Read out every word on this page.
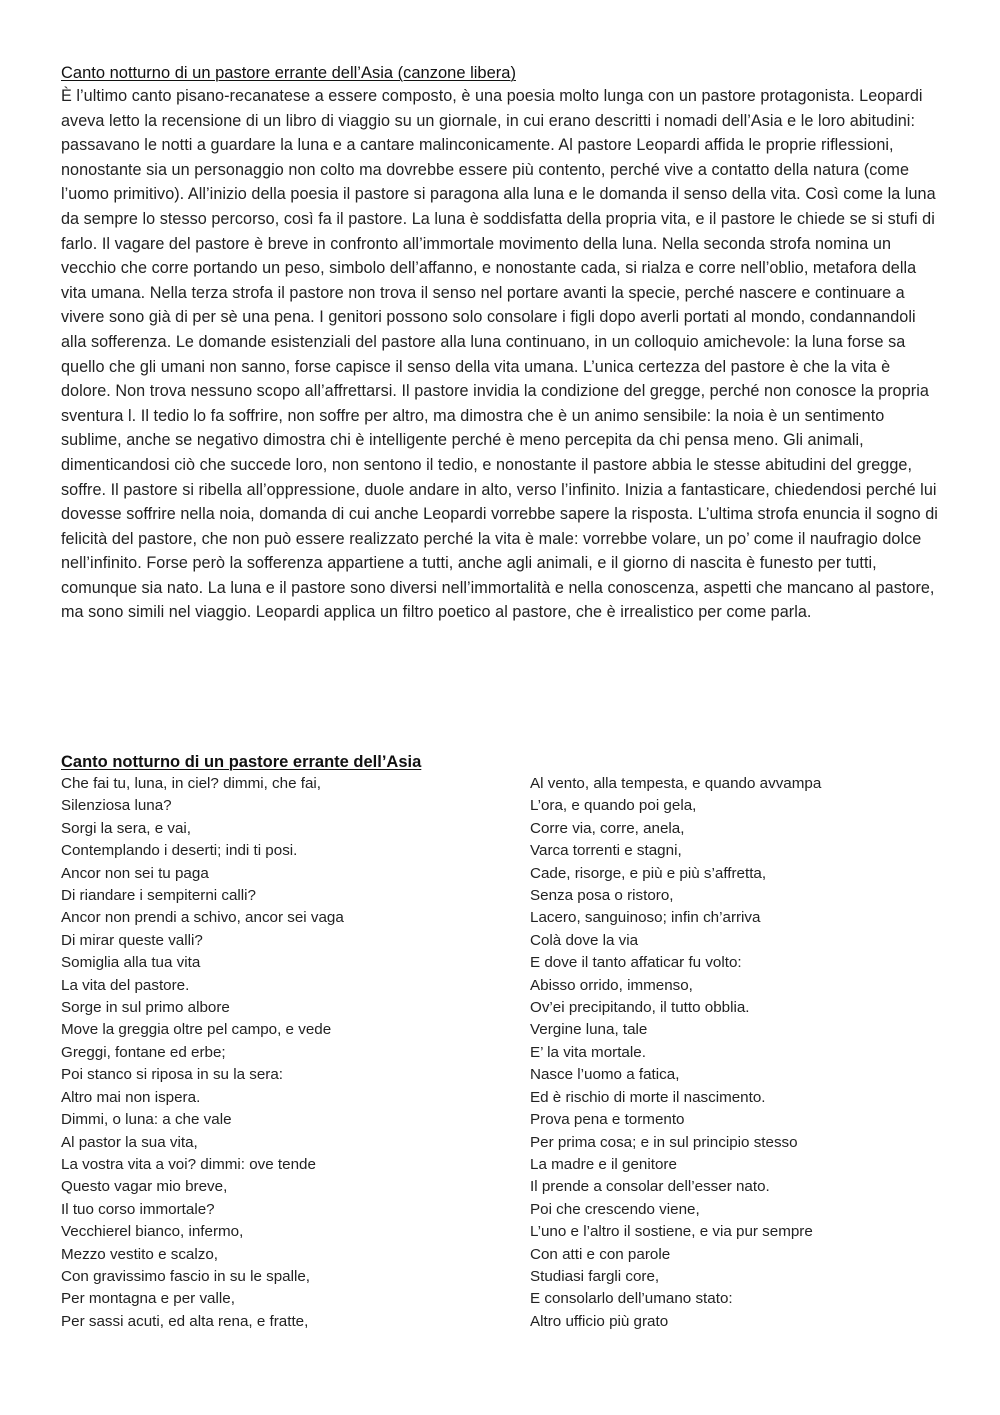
Canto notturno di un pastore errante dell’Asia (canzone libera)

È l’ultimo canto pisano-recanatese a essere composto, è una poesia molto lunga con un pastore protagonista. Leopardi aveva letto la recensione di un libro di viaggio su un giornale, in cui erano descritti i nomadi dell’Asia e le loro abitudini: passavano le notti a guardare la luna e a cantare malinconicamente. Al pastore Leopardi affida le proprie riflessioni, nonostante sia un personaggio non colto ma dovrebbe essere più contento, perché vive a contatto della natura (come l’uomo primitivo). All’inizio della poesia il pastore si paragona alla luna e le domanda il senso della vita. Così come la luna da sempre lo stesso percorso, così fa il pastore. La luna è soddisfatta della propria vita, e il pastore le chiede se si stufi di farlo. Il vagare del pastore è breve in confronto all’immortale movimento della luna. Nella seconda strofa nomina un vecchio che corre portando un peso, simbolo dell’affanno, e nonostante cada, si rialza e corre nell’oblio, metafora della vita umana. Nella terza strofa il pastore non trova il senso nel portare avanti la specie, perché nascere e continuare a vivere sono già di per sè una pena. I genitori possono solo consolare i figli dopo averli portati al mondo, condannandoli alla sofferenza. Le domande esistenziali del pastore alla luna continuano, in un colloquio amichevole: la luna forse sa quello che gli umani non sanno, forse capisce il senso della vita umana. L’unica certezza del pastore è che la vita è dolore. Non trova nessuno scopo all’affrettarsi. Il pastore invidia la condizione del gregge, perché non conosce la propria sventura l. Il tedio lo fa soffrire, non soffre per altro, ma dimostra che è un animo sensibile: la noia è un sentimento sublime, anche se negativo dimostra chi è intelligente perché è meno percepita da chi pensa meno. Gli animali, dimenticandosi ciò che succede loro, non sentono il tedio, e nonostante il pastore abbia le stesse abitudini del gregge, soffre. Il pastore si ribella all’oppressione, duole andare in alto, verso l’infinito. Inizia a fantasticare, chiedendosi perché lui dovesse soffrire nella noia, domanda di cui anche Leopardi vorrebbe sapere la risposta. L’ultima strofa enuncia il sogno di felicità del pastore, che non può essere realizzato perché la vita è male: vorrebbe volare, un po’ come il naufragio dolce nell’infinito. Forse però la sofferenza appartiene a tutti, anche agli animali, e il giorno di nascita è funesto per tutti, comunque sia nato. La luna e il pastore sono diversi nell’immortalità e nella conoscenza, aspetti che mancano al pastore, ma sono simili nel viaggio. Leopardi applica un filtro poetico al pastore, che è irrealistico per come parla.

Canto notturno di un pastore errante dell’Asia
Che fai tu, luna, in ciel? dimmi, che fai,
Silenziosa luna?
Sorgi la sera, e vai,
Contemplando i deserti; indi ti posi.
Ancor non sei tu paga
Di riandare i sempiterni calli?
Ancor non prendi a schivo, ancor sei vaga
Di mirar queste valli?
Somiglia alla tua vita
La vita del pastore.
Sorge in sul primo albore
Move la greggia oltre pel campo, e vede
Greggi, fontane ed erbe;
Poi stanco si riposa in su la sera:
Altro mai non ispera.
Dimmi, o luna: a che vale
Al pastor la sua vita,
La vostra vita a voi? dimmi: ove tende
Questo vagar mio breve,
Il tuo corso immortale?
Vecchierel bianco, infermo,
Mezzo vestito e scalzo,
Con gravissimo fascio in su le spalle,
Per montagna e per valle,
Per sassi acuti, ed alta rena, e fratte,
Al vento, alla tempesta, e quando avvampa
L’ora, e quando poi gela,
Corre via, corre, anela,
Varca torrenti e stagni,
Cade, risorge, e più e più s’affretta,
Senza posa o ristoro,
Lacero, sanguinoso; infin ch’arriva
Colà dove la via
E dove il tanto affaticar fu volto:
Abisso orrido, immenso,
Ov’ei precipitando, il tutto obblia.
Vergine luna, tale
E’ la vita mortale.
Nasce l’uomo a fatica,
Ed è rischio di morte il nascimento.
Prova pena e tormento
Per prima cosa; e in sul principio stesso
La madre e il genitore
Il prende a consolar dell’esser nato.
Poi che crescendo viene,
L’uno e l’altro il sostiene, e via pur sempre
Con atti e con parole
Studiasi fargli core,
E consolarlo dell’umano stato:
Altro ufficio più grato
